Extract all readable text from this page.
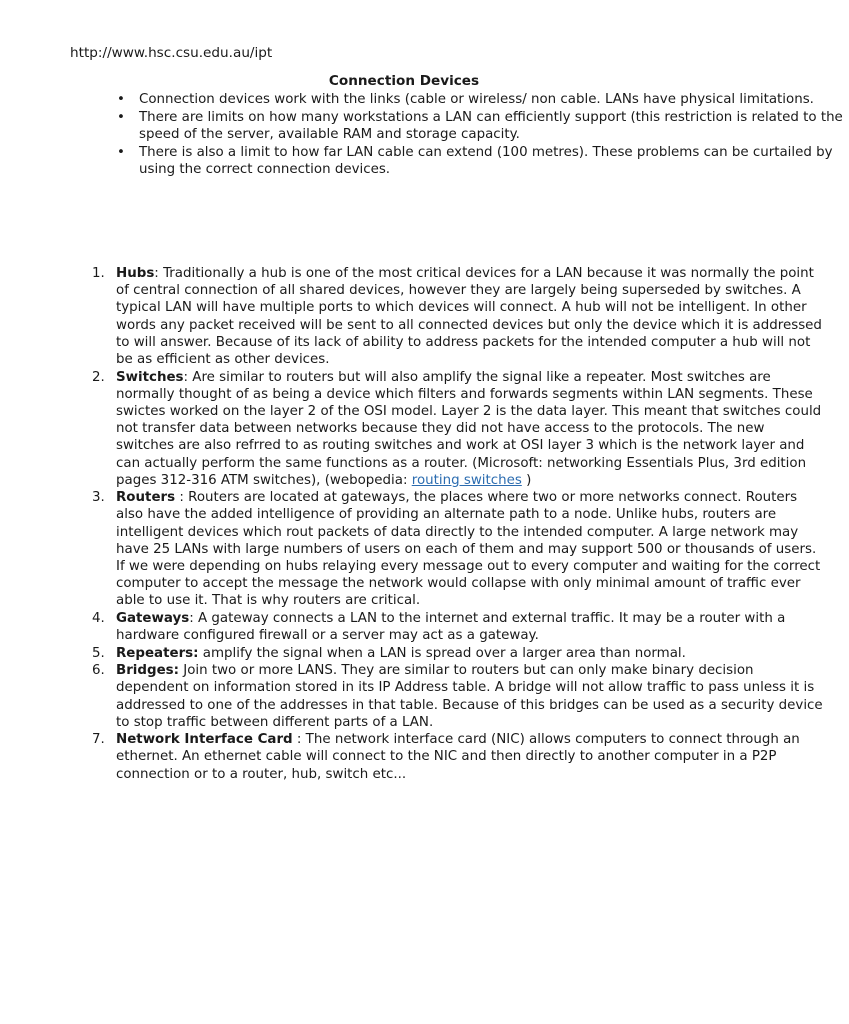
http://www.hsc.csu.edu.au/ipt

Connection Devices
• Connection devices work with the links (cable or wireless/ non cable. LANs have physical limitations.
• There are limits on how many workstations a LAN can efficiently support (this restriction is related to the speed of the server, available RAM and storage capacity.
• There is also a limit to how far LAN cable can extend (100 metres). These problems can be curtailed by using the correct connection devices.
1. Hubs: Traditionally a hub is one of the most critical devices for a LAN because it was normally the point of central connection of all shared devices, however they are largely being superseded by switches. A typical LAN will have multiple ports to which devices will connect. A hub will not be intelligent. In other words any packet received will be sent to all connected devices but only the device which it is addressed to will answer. Because of its lack of ability to address packets for the intended computer a hub will not be as efficient as other devices.
2. Switches: Are similar to routers but will also amplify the signal like a repeater. Most switches are normally thought of as being a device which filters and forwards segments within LAN segments. These swictes worked on the layer 2 of the OSI model. Layer 2 is the data layer. This meant that switches could not transfer data between networks because they did not have access to the protocols. The new switches are also refrred to as routing switches and work at OSI layer 3 which is the network layer and can actually perform the same functions as a router. (Microsoft: networking Essentials Plus, 3rd edition pages 312-316 ATM switches), (webopedia: routing switches )
3. Routers : Routers are located at gateways, the places where two or more networks connect. Routers also have the added intelligence of providing an alternate path to a node. Unlike hubs, routers are intelligent devices which rout packets of data directly to the intended computer. A large network may have 25 LANs with large numbers of users on each of them and may support 500 or thousands of users. If we were depending on hubs relaying every message out to every computer and waiting for the correct computer to accept the message the network would collapse with only minimal amount of traffic ever able to use it. That is why routers are critical.
4. Gateways: A gateway connects a LAN to the internet and external traffic. It may be a router with a hardware configured firewall or a server may act as a gateway.
5. Repeaters: amplify the signal when a LAN is spread over a larger area than normal.
6. Bridges: Join two or more LANS. They are similar to routers but can only make binary decision dependent on information stored in its IP Address table. A bridge will not allow traffic to pass unless it is addressed to one of the addresses in that table. Because of this bridges can be used as a security device to stop traffic between different parts of a LAN.
7. Network Interface Card : The network interface card (NIC) allows computers to connect through an ethernet. An ethernet cable will connect to the NIC and then directly to another computer in a P2P connection or to a router, hub, switch etc...
